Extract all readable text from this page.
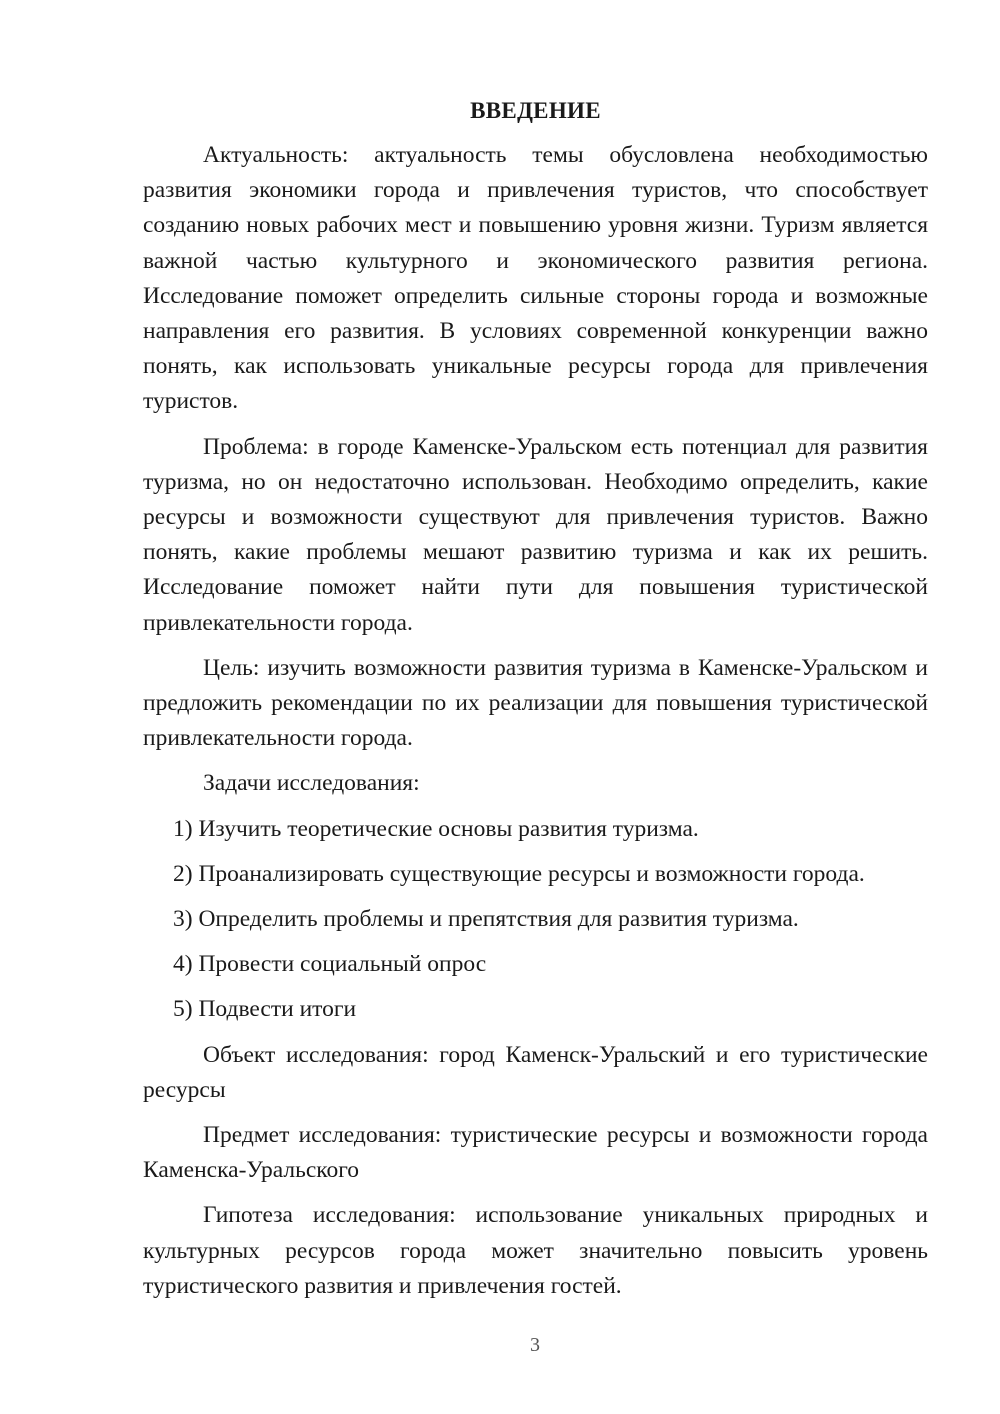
ВВЕДЕНИЕ

Актуальность: актуальность темы обусловлена необходимостью развития экономики города и привлечения туристов, что способствует созданию новых рабочих мест и повышению уровня жизни. Туризм является важной частью культурного и экономического развития региона. Исследование поможет определить сильные стороны города и возможные направления его развития. В условиях современной конкуренции важно понять, как использовать уникальные ресурсы города для привлечения туристов.

Проблема: в городе Каменске-Уральском есть потенциал для развития туризма, но он недостаточно использован. Необходимо определить, какие ресурсы и возможности существуют для привлечения туристов. Важно понять, какие проблемы мешают развитию туризма и как их решить. Исследование поможет найти пути для повышения туристической привлекательности города.

Цель: изучить возможности развития туризма в Каменске-Уральском и предложить рекомендации по их реализации для повышения туристической привлекательности города.

Задачи исследования:

1) Изучить теоретические основы развития туризма.
2) Проанализировать существующие ресурсы и возможности города.
3) Определить проблемы и препятствия для развития туризма.
4) Провести социальный опрос
5) Подвести итоги

Объект исследования: город Каменск-Уральский и его туристические ресурсы

Предмет исследования: туристические ресурсы и возможности города Каменска-Уральского

Гипотеза исследования: использование уникальных природных и культурных ресурсов города может значительно повысить уровень туристического развития и привлечения гостей.

3
